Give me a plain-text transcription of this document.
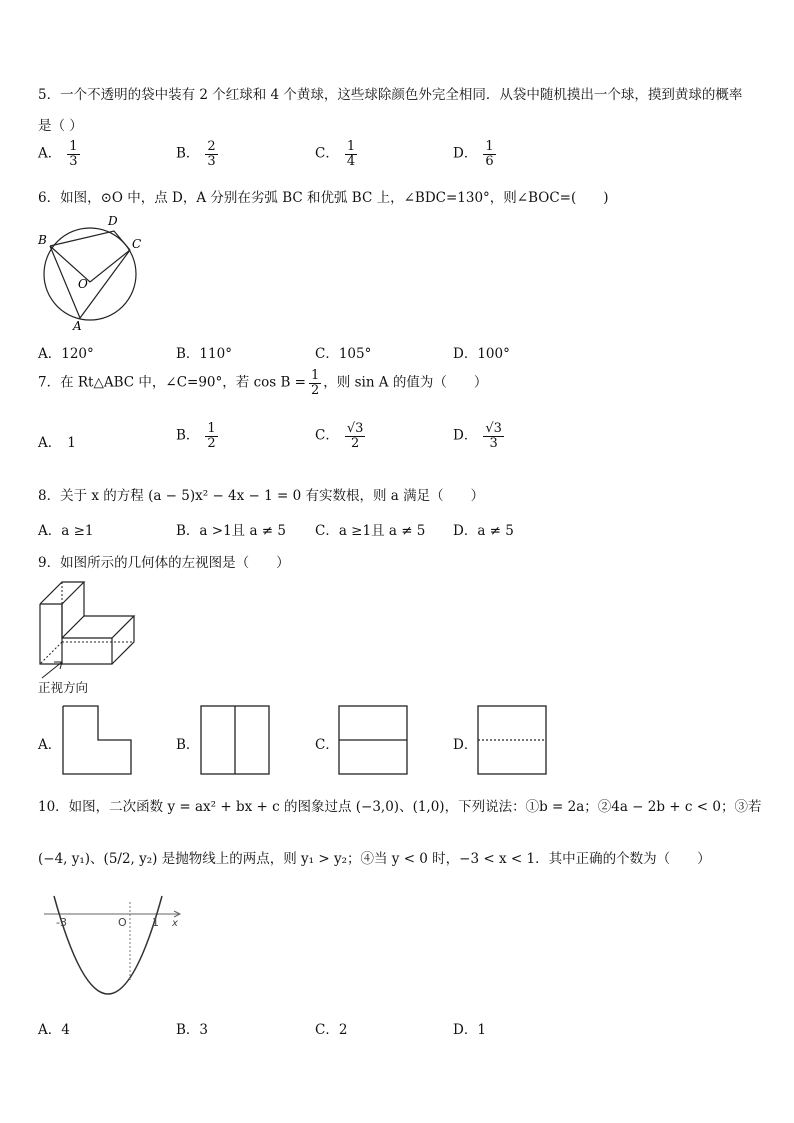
5．一个不透明的袋中装有 2 个红球和 4 个黄球，这些球除颜色外完全相同．从袋中随机摸出一个球，摸到黄球的概率
是（ ）
A． $\frac{1}{3}$	B． $\frac{2}{3}$	C． $\frac{1}{4}$	D． $\frac{1}{6}$
6．如图，⊙O 中，点 D，A 分别在劣弧 BC 和优弧 BC 上，∠BDC=130°，则∠BOC=(　　)
B
D
C
O
A
A．120°	B．110°	C．105°	D．100°
7．在 Rt△ABC 中，∠C=90°，若 $\cos B = \frac{1}{2}$ ，则 sin A 的值为（　　）
A． 1	B． $\frac{1}{2}$	C． $\frac{√3}{2}$	D． $\frac{√3}{3}$
8．关于 x 的方程 (a − 5)x² − 4x − 1 = 0 有实数根，则 a 满足（　　）
A．a ≥1	B．a >1且 a ≠ 5 C．a ≥1且 a ≠ 5 D．a ≠ 5
9．如图所示的几何体的左视图是（　　）
正视方向
A．	B．	C．	D．
10．如图，二次函数 y = ax² + bx + c 的图象过点 (−3,0)、(1,0)，下列说法：①b = 2a；②4a − 2b + c < 0；③若
(−4, y₁)、(5/2, y₂) 是抛物线上的两点，则 y₁ > y₂；④当 y < 0 时，−3 < x < 1．其中正确的个数为（　　）
-3	O 1 x
A．4	B．3	C．2	D．1
